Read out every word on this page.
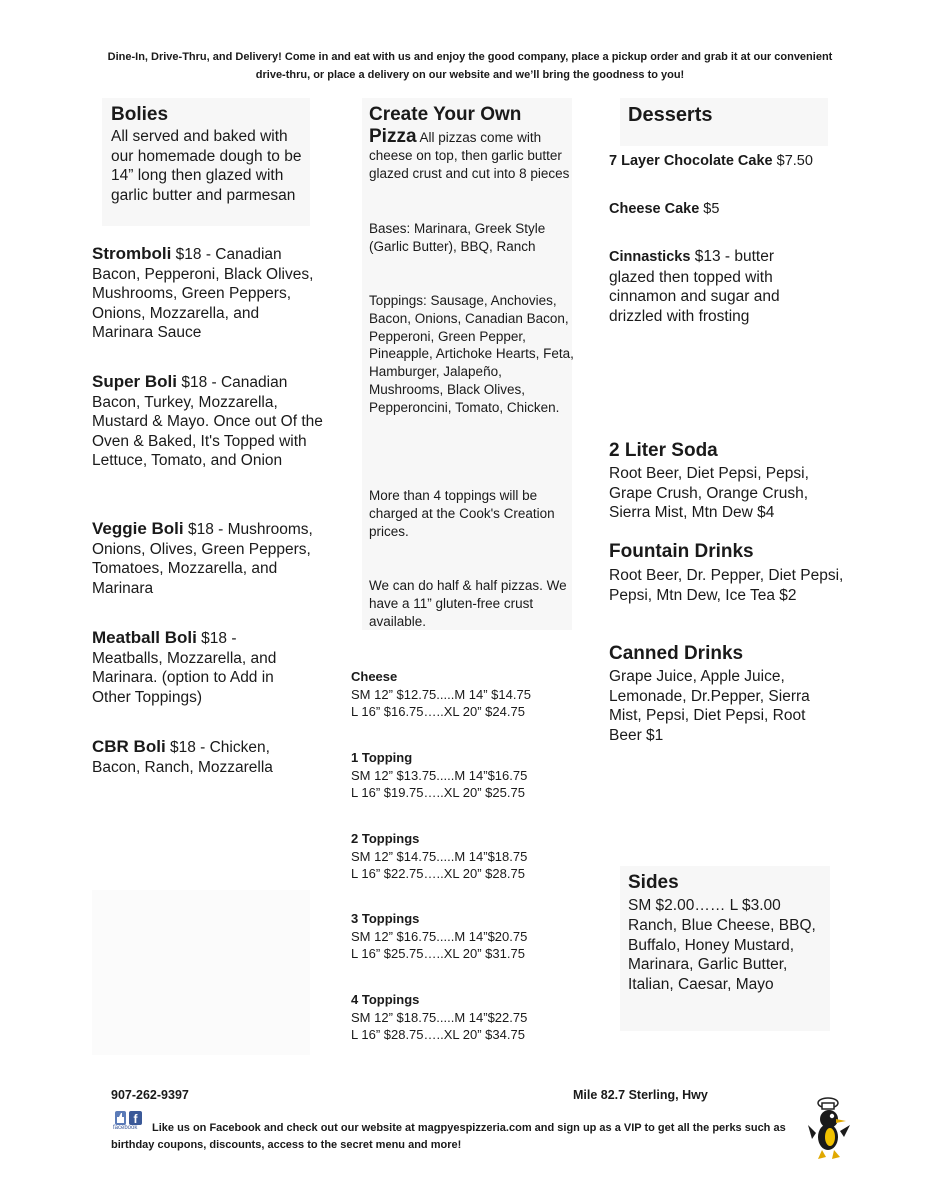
Dine-In, Drive-Thru, and Delivery! Come in and eat with us and enjoy the good company, place a pickup order and grab it at our convenient drive-thru, or place a delivery on our website and we’ll bring the goodness to you!
Bolies
All served and baked with our homemade dough to be 14” long then glazed with garlic butter and parmesan
Stromboli $18 - Canadian Bacon, Pepperoni, Black Olives, Mushrooms, Green Peppers, Onions, Mozzarella, and Marinara Sauce
Super Boli $18 - Canadian Bacon, Turkey, Mozzarella, Mustard & Mayo. Once out Of the Oven & Baked, It's Topped with Lettuce, Tomato, and Onion
Veggie Boli $18 - Mushrooms, Onions, Olives, Green Peppers, Tomatoes, Mozzarella, and Marinara
Meatball Boli $18 - Meatballs, Mozzarella, and Marinara. (option to Add in Other Toppings)
CBR Boli $18 - Chicken, Bacon, Ranch, Mozzarella
Create Your Own
Pizza All pizzas come with cheese on top, then garlic butter glazed crust and cut into 8 pieces
Bases: Marinara, Greek Style (Garlic Butter), BBQ, Ranch
Toppings: Sausage, Anchovies, Bacon, Onions, Canadian Bacon, Pepperoni, Green Pepper, Pineapple, Artichoke Hearts, Feta, Hamburger, Jalapeño, Mushrooms, Black Olives, Pepperoncini, Tomato, Chicken.
More than 4 toppings will be charged at the Cook's Creation prices.
We can do half & half pizzas. We have a 11” gluten-free crust available.
Cheese
SM 12” $12.75.....M 14” $14.75
L 16” $16.75…..XL 20” $24.75
1 Topping
SM 12” $13.75.....M 14”$16.75
L 16” $19.75…..XL 20” $25.75
2 Toppings
SM 12” $14.75.....M 14”$18.75
L 16” $22.75…..XL 20” $28.75
3 Toppings
SM 12” $16.75.....M 14”$20.75
L 16” $25.75…..XL 20” $31.75
4 Toppings
SM 12” $18.75.....M 14”$22.75
L 16” $28.75…..XL 20” $34.75
Desserts
7 Layer Chocolate Cake $7.50
Cheese Cake $5
Cinnasticks $13 - butter glazed then topped with cinnamon and sugar and drizzled with frosting
2 Liter Soda
Root Beer, Diet Pepsi, Pepsi, Grape Crush, Orange Crush, Sierra Mist, Mtn Dew $4
Fountain Drinks
Root Beer, Dr. Pepper, Diet Pepsi, Pepsi, Mtn Dew, Ice Tea $2
Canned Drinks
Grape Juice, Apple Juice, Lemonade, Dr.Pepper, Sierra Mist, Pepsi, Diet Pepsi, Root Beer $1
Sides
SM $2.00…… L $3.00
Ranch, Blue Cheese, BBQ, Buffalo, Honey Mustard, Marinara, Garlic Butter, Italian, Caesar, Mayo
907-262-9397	Mile 82.7 Sterling, Hwy
f
facebook	Like us on Facebook and check out our website at magpyespizzeria.com and sign up as a VIP to get all the perks such as birthday coupons, discounts, access to the secret menu and more!
